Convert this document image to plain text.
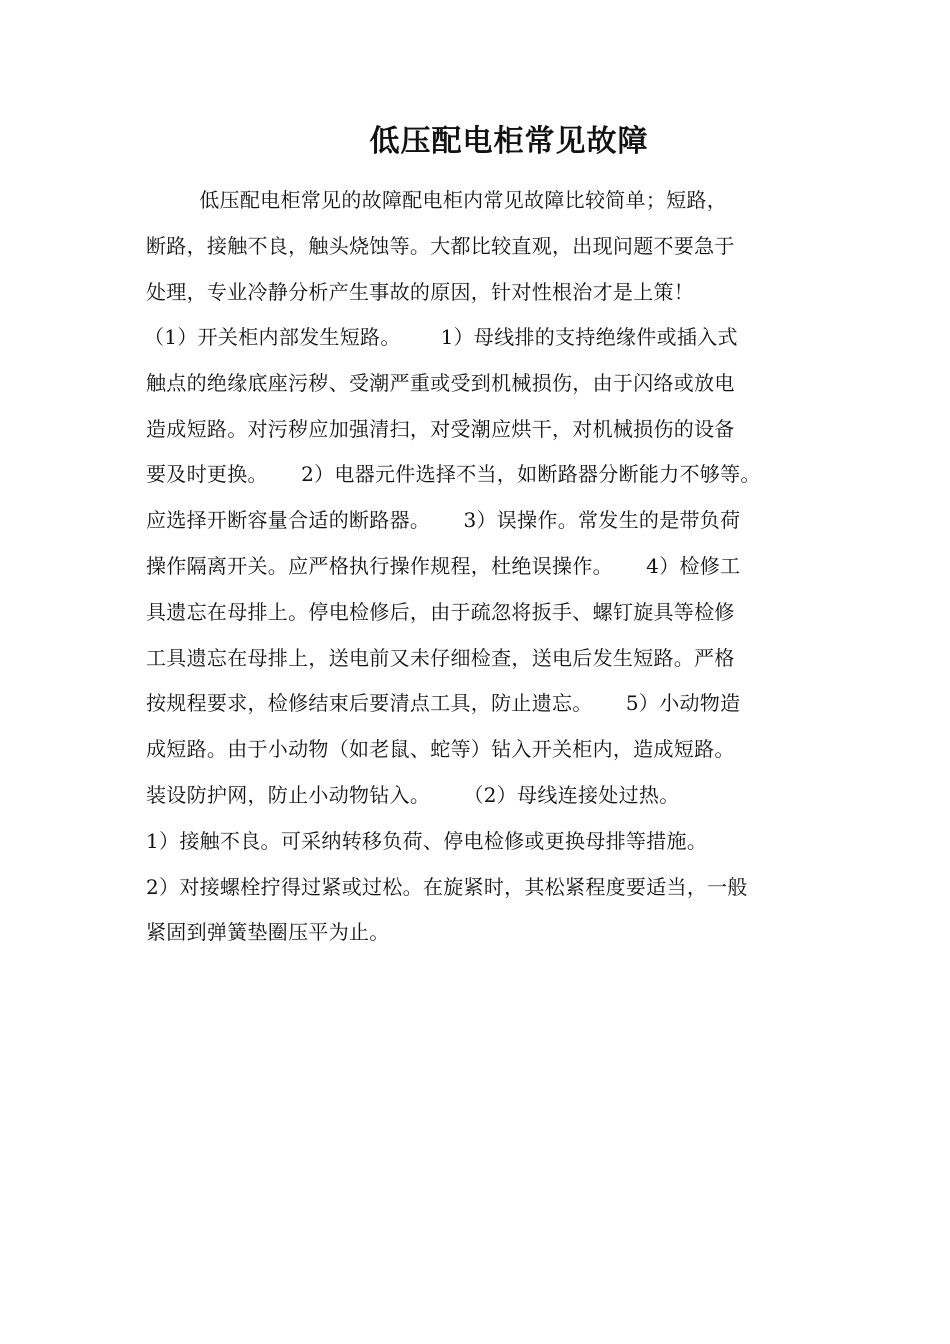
低压配电柜常见故障
低压配电柜常见的故障配电柜内常见故障比较简单；短路，
断路，接触不良，触头烧蚀等。大都比较直观，出现问题不要急于
处理，专业冷静分析产生事故的原因，针对性根治才是上策！
（1）开关柜内部发生短路。      1）母线排的支持绝缘件或插入式
触点的绝缘底座污秽、受潮严重或受到机械损伤，由于闪络或放电
造成短路。对污秽应加强清扫，对受潮应烘干，对机械损伤的设备
要及时更换。     2）电器元件选择不当，如断路器分断能力不够等。
应选择开断容量合适的断路器。     3）误操作。常发生的是带负荷
操作隔离开关。应严格执行操作规程，杜绝误操作。     4）检修工
具遗忘在母排上。停电检修后，由于疏忽将扳手、螺钉旋具等检修
工具遗忘在母排上，送电前又未仔细检查，送电后发生短路。严格
按规程要求，检修结束后要清点工具，防止遗忘。     5）小动物造
成短路。由于小动物（如老鼠、蛇等）钻入开关柜内，造成短路。
装设防护网，防止小动物钻入。     （2）母线连接处过热。
1）接触不良。可采纳转移负荷、停电检修或更换母排等措施。
2）对接螺栓拧得过紧或过松。在旋紧时，其松紧程度要适当，一般
紧固到弹簧垫圈压平为止。
